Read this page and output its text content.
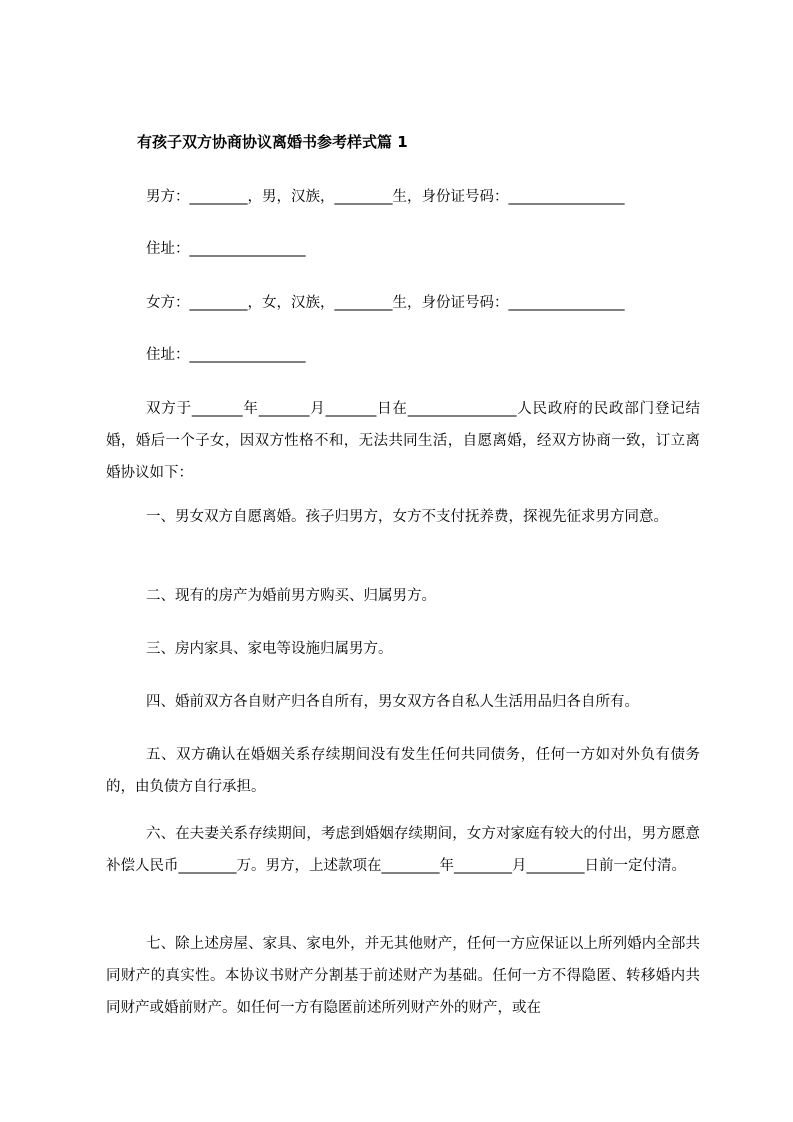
有孩子双方协商协议离婚书参考样式篇 1
男方：________，男，汉族，________生，身份证号码：________________
住址：________________
女方：________，女，汉族，________生，身份证号码：________________
住址：________________
双方于_______年_______月_______日在_______________人民政府的民政部门登记结婚，婚后一个子女，因双方性格不和，无法共同生活，自愿离婚，经双方协商一致，订立离婚协议如下：
一、男女双方自愿离婚。孩子归男方，女方不支付抚养费，探视先征求男方同意。
二、现有的房产为婚前男方购买、归属男方。
三、房内家具、家电等设施归属男方。
四、婚前双方各自财产归各自所有，男女双方各自私人生活用品归各自所有。
五、双方确认在婚姻关系存续期间没有发生任何共同债务，任何一方如对外负有债务的，由负债方自行承担。
六、在夫妻关系存续期间，考虑到婚姻存续期间，女方对家庭有较大的付出，男方愿意补偿人民币________万。男方，上述款项在________年________月________日前一定付清。
七、除上述房屋、家具、家电外，并无其他财产，任何一方应保证以上所列婚内全部共同财产的真实性。本协议书财产分割基于前述财产为基础。任何一方不得隐匿、转移婚内共同财产或婚前财产。如任何一方有隐匿前述所列财产外的财产，或在
